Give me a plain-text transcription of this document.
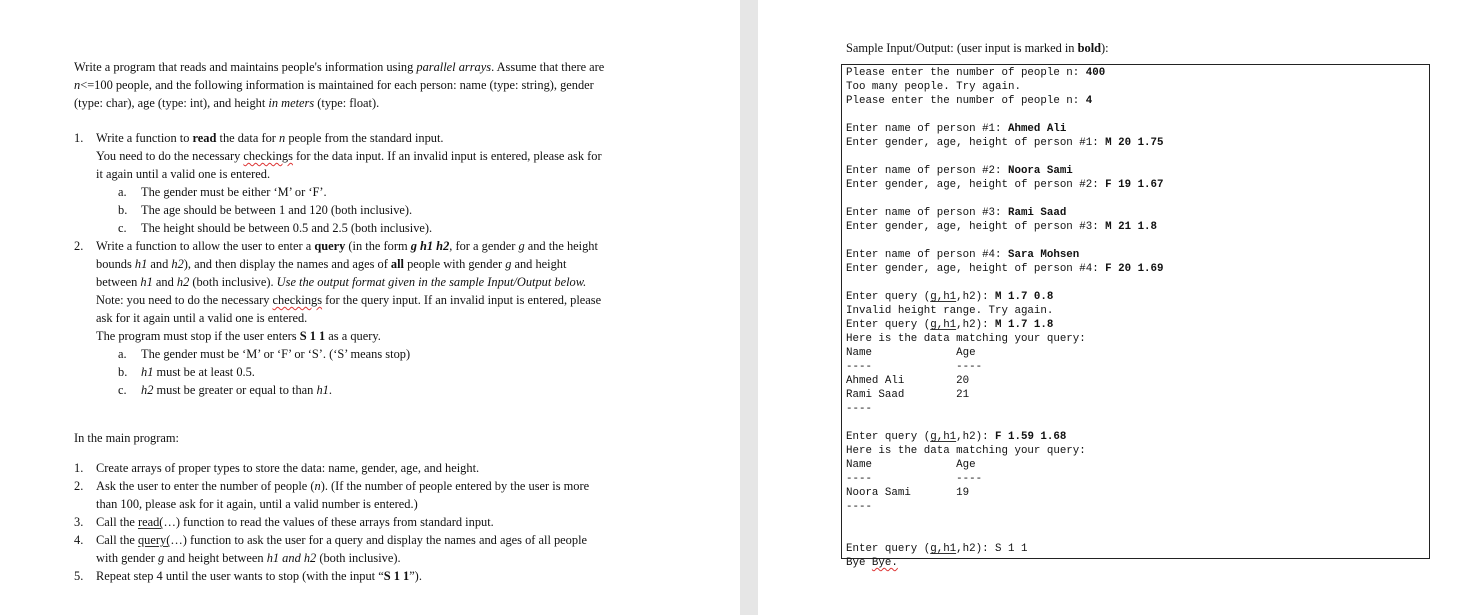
Write a program that reads and maintains people's information using parallel arrays. Assume that there are
n<=100 people, and the following information is maintained for each person: name (type: string), gender
(type: char), age (type: int), and height in meters (type: float).
1. Write a function to read the data for n people from the standard input.
You need to do the necessary checkings for the data input. If an invalid input is entered, please ask for
it again until a valid one is entered.
a. The gender must be either ‘M’ or ‘F’.
b. The age should be between 1 and 120 (both inclusive).
c. The height should be between 0.5 and 2.5 (both inclusive).
2. Write a function to allow the user to enter a query (in the form g h1 h2, for a gender g and the height
bounds h1 and h2), and then display the names and ages of all people with gender g and height
between h1 and h2 (both inclusive). Use the output format given in the sample Input/Output below.
Note: you need to do the necessary checkings for the query input. If an invalid input is entered, please
ask for it again until a valid one is entered.
The program must stop if the user enters S 1 1 as a query.
a. The gender must be ‘M’ or ‘F’ or ‘S’. (‘S’ means stop)
b. h1 must be at least 0.5.
c. h2 must be greater or equal to than h1.
In the main program:
1. Create arrays of proper types to store the data: name, gender, age, and height.
2. Ask the user to enter the number of people (n). (If the number of people entered by the user is more
than 100, please ask for it again, until a valid number is entered.)
3. Call the read(…) function to read the values of these arrays from standard input.
4. Call the query(…) function to ask the user for a query and display the names and ages of all people
with gender g and height between h1 and h2 (both inclusive).
5. Repeat step 4 until the user wants to stop (with the input “S 1 1”).
Sample Input/Output: (user input is marked in bold):
Please enter the number of people n: 400
Too many people. Try again.
Please enter the number of people n: 4
Enter name of person #1: Ahmed Ali
Enter gender, age, height of person #1: M 20 1.75
Enter name of person #2: Noora Sami
Enter gender, age, height of person #2: F 19 1.67
Enter name of person #3: Rami Saad
Enter gender, age, height of person #3: M 21 1.8
Enter name of person #4: Sara Mohsen
Enter gender, age, height of person #4: F 20 1.69
Enter query (g,h1,h2): M 1.7 0.8
Invalid height range. Try again.
Enter query (g,h1,h2): M 1.7 1.8
Here is the data matching your query:
Name             Age
----             ----
Ahmed Ali        20
Rami Saad        21
----
Enter query (g,h1,h2): F 1.59 1.68
Here is the data matching your query:
Name             Age
----             ----
Noora Sami       19
----
Enter query (g,h1,h2): S 1 1
Bye Bye.
